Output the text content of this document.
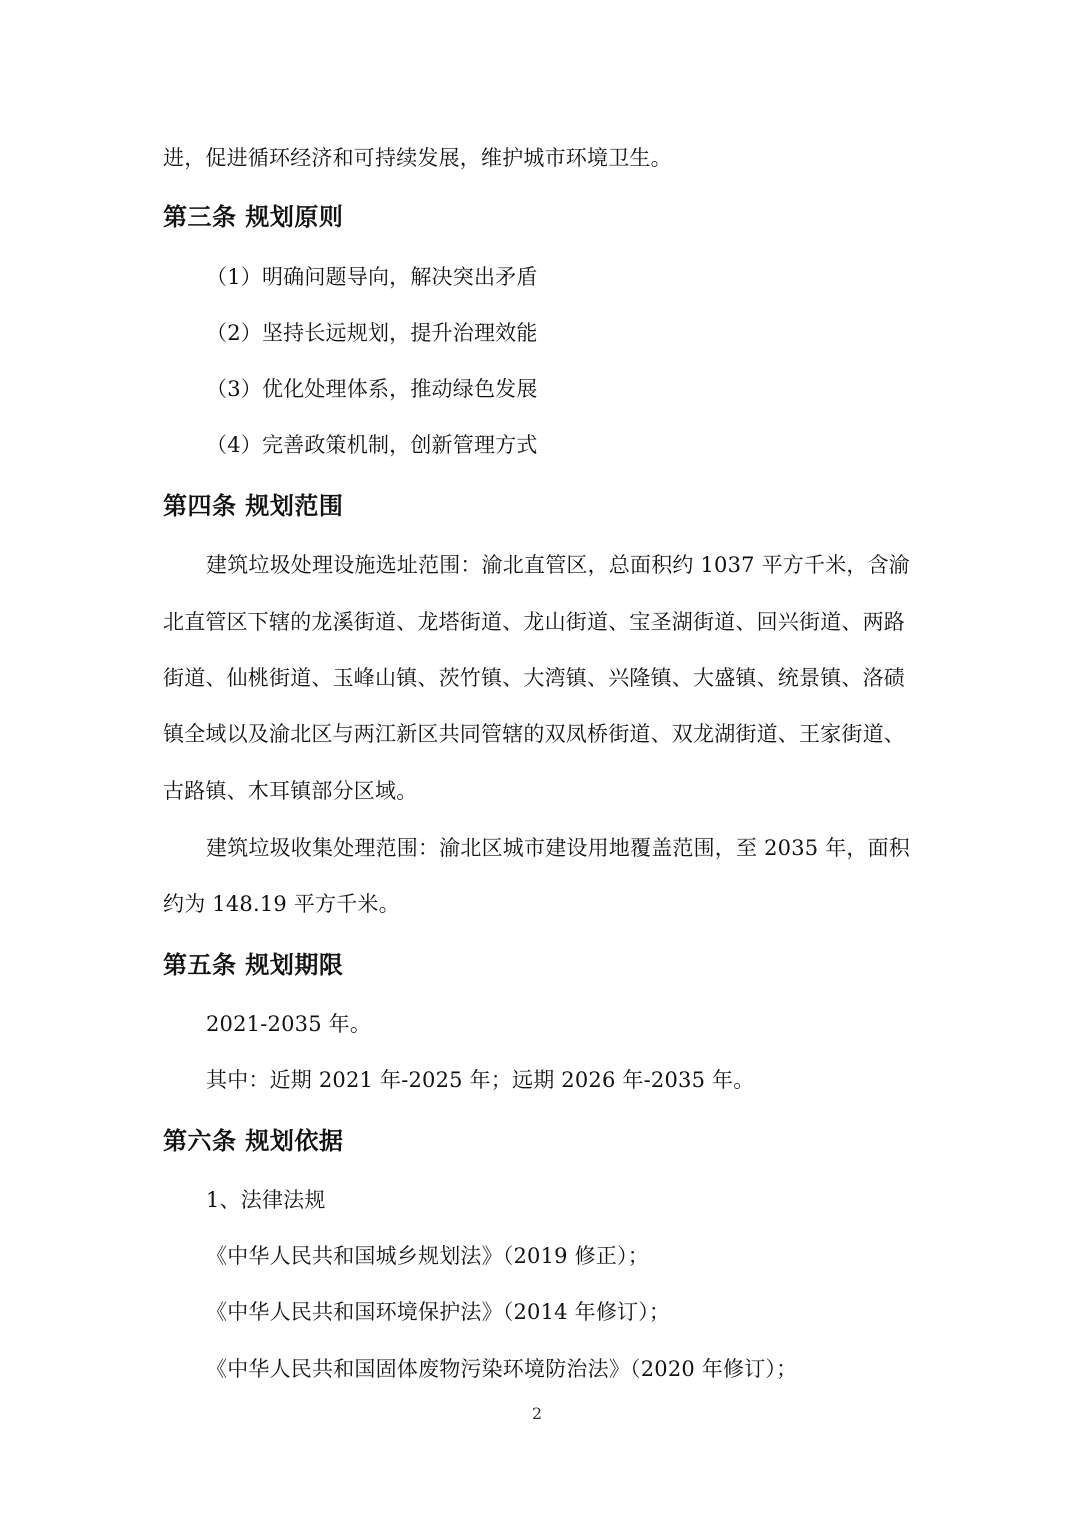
进，促进循环经济和可持续发展，维护城市环境卫生。
第三条 规划原则
（1）明确问题导向，解决突出矛盾
（2）坚持长远规划，提升治理效能
（3）优化处理体系，推动绿色发展
（4）完善政策机制，创新管理方式
第四条 规划范围
建筑垃圾处理设施选址范围：渝北直管区，总面积约 1037 平方千米，含渝
北直管区下辖的龙溪街道、龙塔街道、龙山街道、宝圣湖街道、回兴街道、两路
街道、仙桃街道、玉峰山镇、茨竹镇、大湾镇、兴隆镇、大盛镇、统景镇、洛碛
镇全域以及渝北区与两江新区共同管辖的双凤桥街道、双龙湖街道、王家街道、
古路镇、木耳镇部分区域。
建筑垃圾收集处理范围：渝北区城市建设用地覆盖范围，至 2035 年，面积
约为 148.19 平方千米。
第五条 规划期限
2021-2035 年。
其中：近期 2021 年-2025 年；远期 2026 年-2035 年。
第六条 规划依据
1、法律法规
《中华人民共和国城乡规划法》（2019 修正）；
《中华人民共和国环境保护法》（2014 年修订）；
《中华人民共和国固体废物污染环境防治法》（2020 年修订）；
2
